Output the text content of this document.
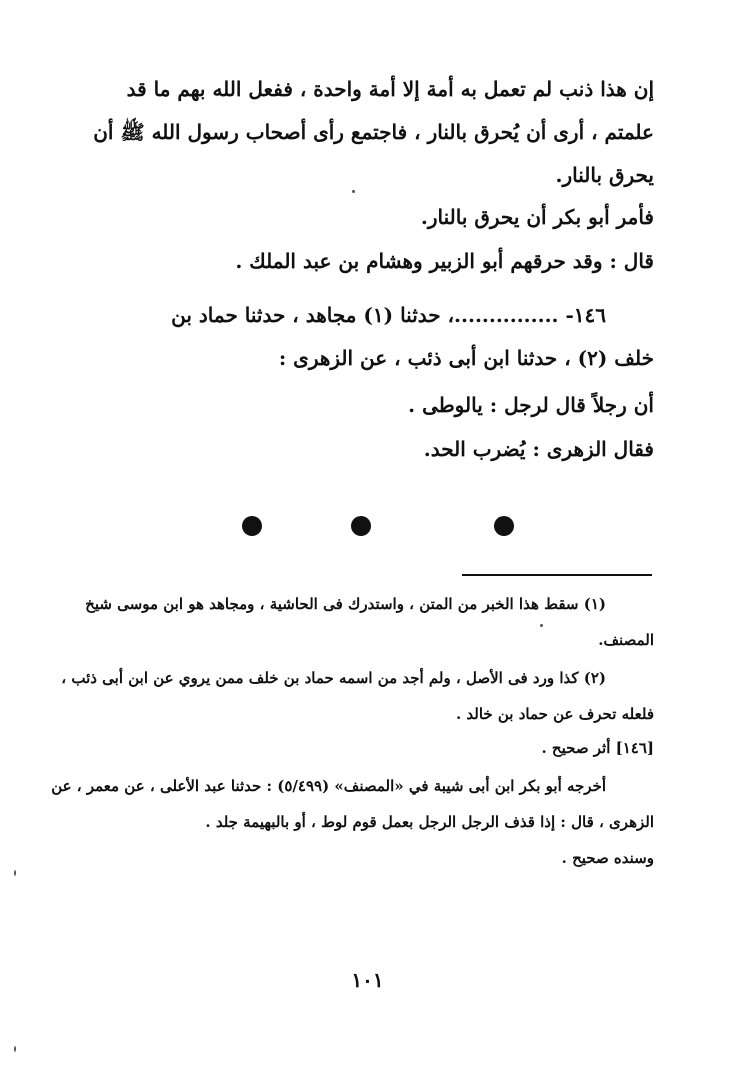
إن هذا ذنب لم تعمل به أمة إلا أمة واحدة ، ففعل الله بهم ما قد
علمتم ، أرى أن يُحرق بالنار ، فاجتمع رأى أصحاب رسول الله ﷺ أن
يحرق بالنار.
فأمر أبو بكر أن يحرق بالنار.
قال : وقد حرقهم أبو الزبير وهشام بن عبد الملك .
١٤٦- ...............، حدثنا (١) مجاهد ، حدثنا حماد بن
خلف (٢) ، حدثنا ابن أبى ذئب ، عن الزهرى :
أن رجلاً قال لرجل : يالوطى .
فقال الزهرى : يُضرب الحد.
(١) سقط هذا الخبر من المتن ، واستدرك فى الحاشية ، ومجاهد هو ابن موسى شيخ
المصنف.
(٢) كذا ورد فى الأصل ، ولم أجد من اسمه حماد بن خلف ممن يروي عن ابن أبى ذئب ،
فلعله تحرف عن حماد بن خالد .
[١٤٦] أثر صحيح .
أخرجه أبو بكر ابن أبى شيبة في «المصنف» (٥/٤٩٩) : حدثنا عبد الأعلى ، عن معمر ، عن
الزهرى ، قال : إذا قذف الرجل الرجل بعمل قوم لوط ، أو بالبهيمة جلد .
وسنده صحيح .
١٠١
